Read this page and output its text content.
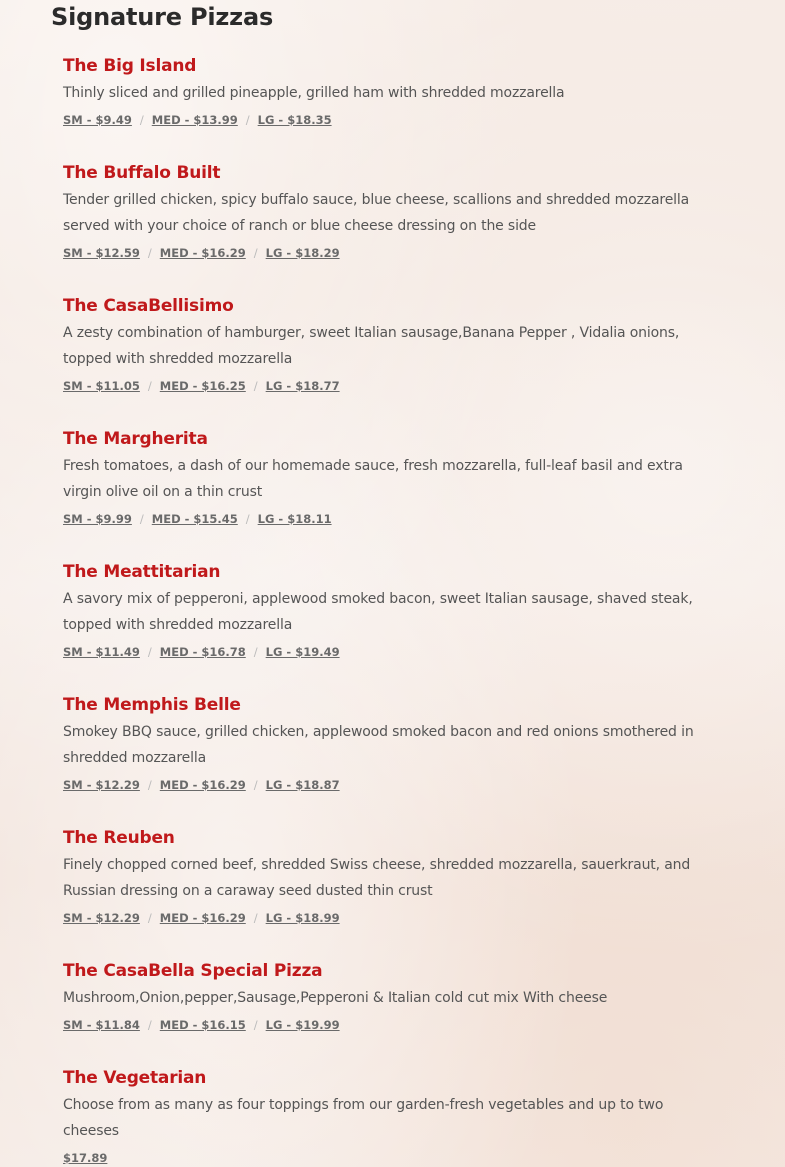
Signature Pizzas
The Big Island

Thinly sliced and grilled pineapple, grilled ham with shredded mozzarella

SM - $9.49 / MED - $13.99 / LG - $18.35
The Buffalo Built

Tender grilled chicken, spicy buffalo sauce, blue cheese, scallions and shredded mozzarella served with your choice of ranch or blue cheese dressing on the side

SM - $12.59 / MED - $16.29 / LG - $18.29
The CasaBellisimo

A zesty combination of hamburger, sweet Italian sausage,Banana Pepper , Vidalia onions, topped with shredded mozzarella

SM - $11.05 / MED - $16.25 / LG - $18.77
The Margherita

Fresh tomatoes, a dash of our homemade sauce, fresh mozzarella, full-leaf basil and extra virgin olive oil on a thin crust

SM - $9.99 / MED - $15.45 / LG - $18.11
The Meattitarian

A savory mix of pepperoni, applewood smoked bacon, sweet Italian sausage, shaved steak, topped with shredded mozzarella

SM - $11.49 / MED - $16.78 / LG - $19.49
The Memphis Belle

Smokey BBQ sauce, grilled chicken, applewood smoked bacon and red onions smothered in shredded mozzarella

SM - $12.29 / MED - $16.29 / LG - $18.87
The Reuben

Finely chopped corned beef, shredded Swiss cheese, shredded mozzarella, sauerkraut, and Russian dressing on a caraway seed dusted thin crust

SM - $12.29 / MED - $16.29 / LG - $18.99
The CasaBella Special Pizza

Mushroom,Onion,pepper,Sausage,Pepperoni & Italian cold cut mix With cheese

SM - $11.84 / MED - $16.15 / LG - $19.99
The Vegetarian

Choose from as many as four toppings from our garden-fresh vegetables and up to two cheeses

$17.89
